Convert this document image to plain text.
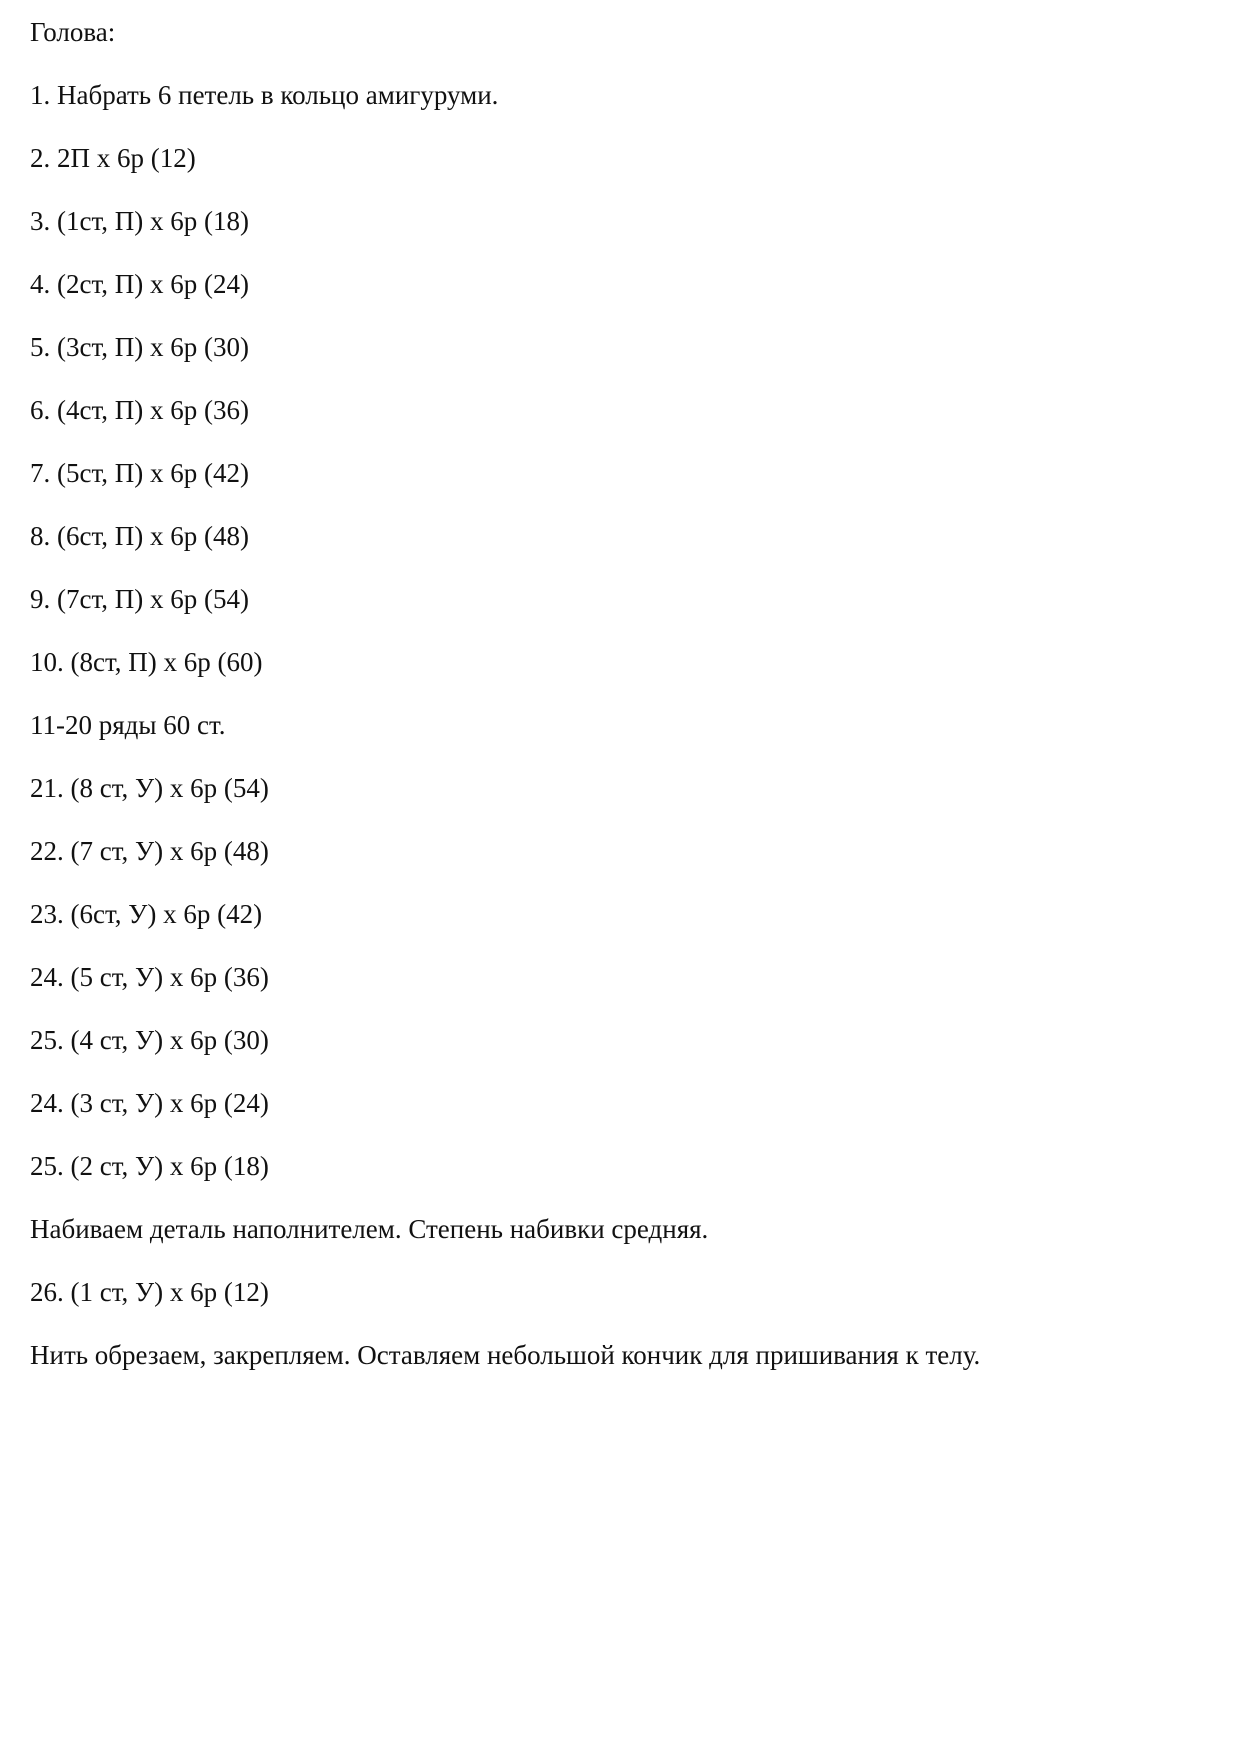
Голова:
1. Набрать 6 петель в кольцо амигуруми.
2. 2П х 6р (12)
3. (1ст, П) х 6р (18)
4. (2ст, П) х 6р (24)
5. (3ст, П) х 6р (30)
6. (4ст, П) х 6р (36)
7. (5ст, П) х 6р (42)
8. (6ст, П) х 6р (48)
9. (7ст, П) х 6р (54)
10. (8ст, П) х 6р (60)
11-20 ряды 60 ст.
21. (8 ст, У) х 6р (54)
22. (7 ст, У) х 6р (48)
23. (6ст, У) х 6р (42)
24. (5 ст, У) х 6р (36)
25. (4 ст, У) х 6р (30)
24. (3 ст, У) х 6р (24)
25. (2 ст, У) х 6р (18)
Набиваем деталь наполнителем. Степень набивки средняя.
26. (1 ст, У) х 6р (12)
Нить обрезаем, закрепляем. Оставляем небольшой кончик для пришивания к телу.
